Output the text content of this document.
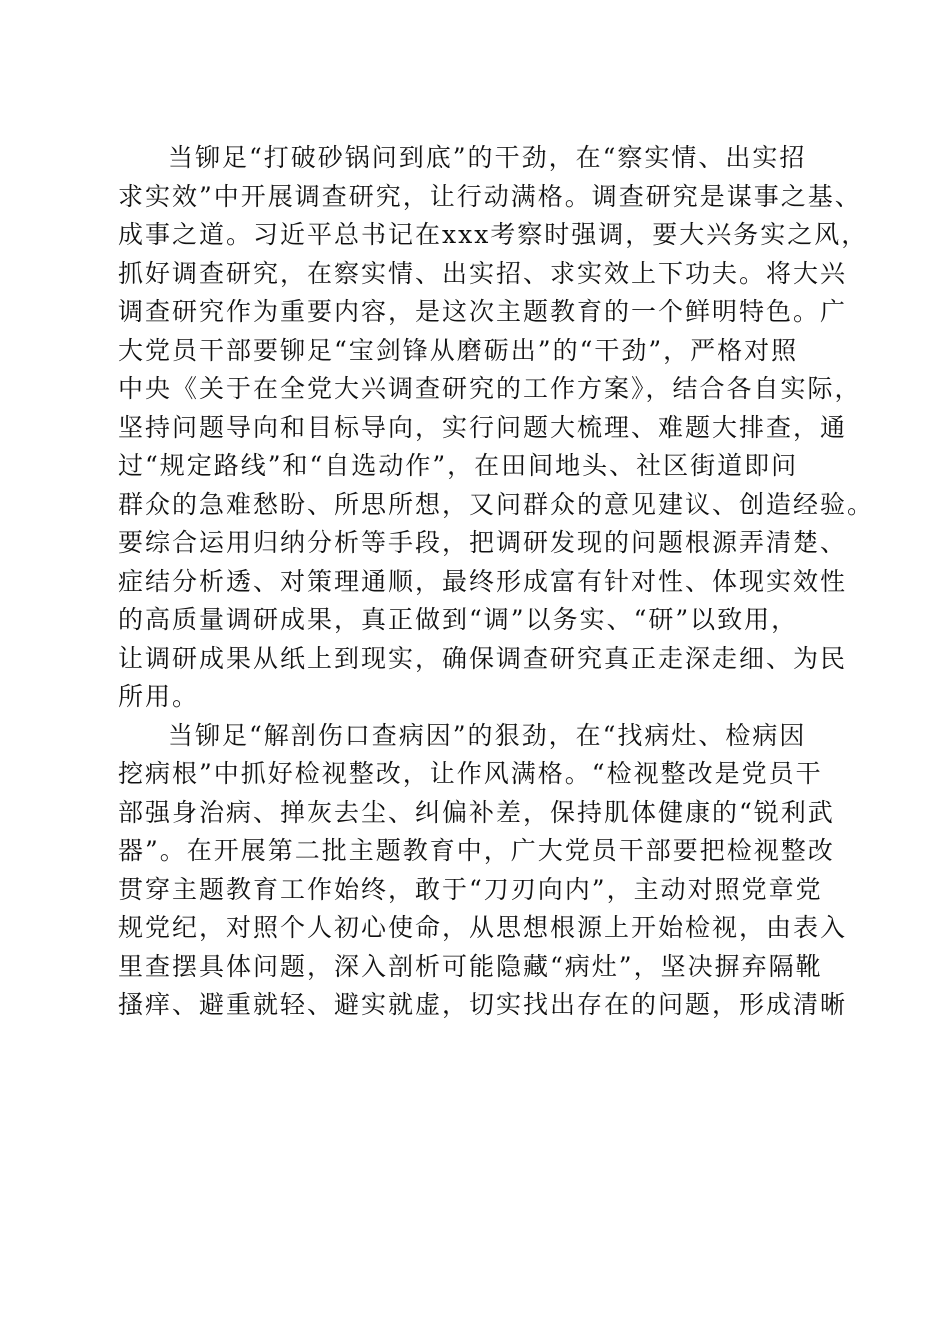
当铆足“打破砂锅问到底”的干劲，在“察实情、出实招
求实效”中开展调查研究，让行动满格。调查研究是谋事之基、
成事之道。习近平总书记在xxx考察时强调，要大兴务实之风，
抓好调查研究，在察实情、出实招、求实效上下功夫。将大兴
调查研究作为重要内容，是这次主题教育的一个鲜明特色。广
大党员干部要铆足“宝剑锋从磨砺出”的“干劲”，严格对照
中央《关于在全党大兴调查研究的工作方案》，结合各自实际，
坚持问题导向和目标导向，实行问题大梳理、难题大排查，通
过“规定路线”和“自选动作”，在田间地头、社区街道即问
群众的急难愁盼、所思所想，又问群众的意见建议、创造经验。
要综合运用归纳分析等手段，把调研发现的问题根源弄清楚、
症结分析透、对策理通顺，最终形成富有针对性、体现实效性
的高质量调研成果，真正做到“调”以务实、“研”以致用，
让调研成果从纸上到现实，确保调查研究真正走深走细、为民
所用。

当铆足“解剖伤口查病因”的狠劲，在“找病灶、检病因
挖病根”中抓好检视整改，让作风满格。“检视整改是党员干
部强身治病、掸灰去尘、纠偏补差，保持肌体健康的“锐利武
器”。在开展第二批主题教育中，广大党员干部要把检视整改
贯穿主题教育工作始终，敢于“刀刃向内”，主动对照党章党
规党纪，对照个人初心使命，从思想根源上开始检视，由表入
里查摆具体问题，深入剖析可能隐藏“病灶”，坚决摒弃隔靴
搔痒、避重就轻、避实就虚，切实找出存在的问题，形成清晰
